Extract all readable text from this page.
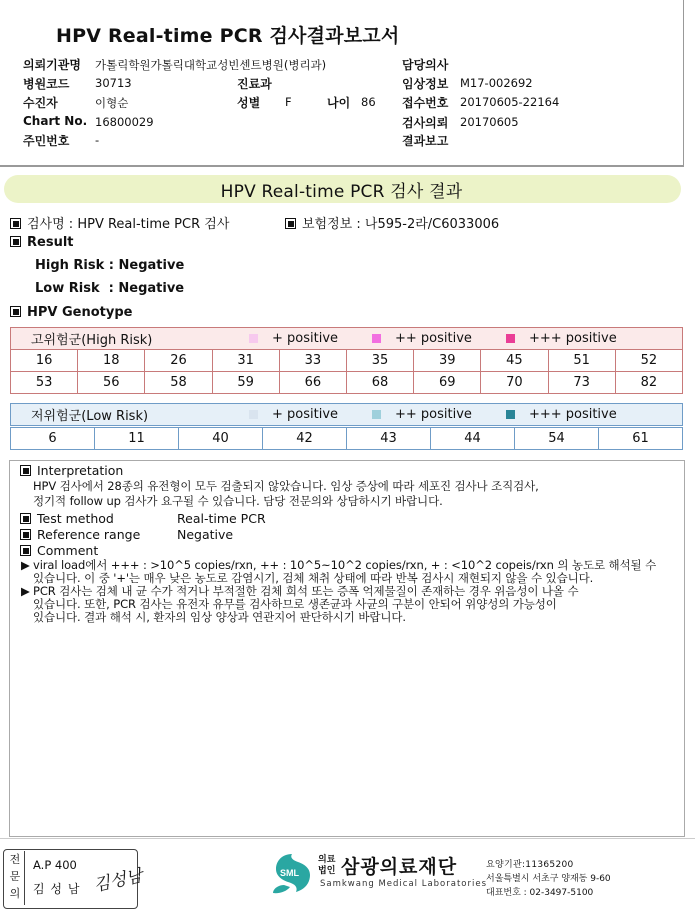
HPV Real-time PCR 검사결과보고서
의뢰기관명 가톨릭학원가톨릭대학교성빈센트병원(병리과)
병원코드 30713	진료과
수진자	이형순	성별 F	나이 86
Chart No. 16800029
주민번호 -
담당의사
임상정보 M17-002692
접수번호 20170605-22164
검사의뢰 20170605
결과보고
HPV Real-time PCR 검사 결과
검사명 : HPV Real-time PCR 검사	보험정보 : 나595-2라/C6033006
Result
High Risk : Negative
Low Risk  : Negative
HPV Genotype
고위험군(High Risk)	+ positive	++ positive	+++ positive
16	18	26	31	33	35	39	45	51	52
53	56	58	59	66	68	69	70	73	82
저위험군(Low Risk)	+ positive	++ positive	+++ positive
6	11	40	42	43	44	54	61
Interpretation
HPV 검사에서 28종의 유전형이 모두 검출되지 않았습니다. 임상 증상에 따라 세포진 검사나 조직검사,
정기적 follow up 검사가 요구될 수 있습니다. 담당 전문의와 상담하시기 바랍니다.
Test method	Real-time PCR
Reference range	Negative
Comment
▶ viral load에서 +++ : >10^5 copies/rxn, ++ : 10^5~10^2 copies/rxn, + : <10^2 copeis/rxn 의 농도로 해석될 수
있습니다. 이 중 '+'는 매우 낮은 농도로 감염시기, 검체 채취 상태에 따라 반복 검사시 재현되지 않을 수 있습니다.
▶ PCR 검사는 검체 내 균 수가 적거나 부적절한 검체 희석 또는 증폭 억제물질이 존재하는 경우 위음성이 나올 수
있습니다. 또한, PCR 검사는 유전자 유무를 검사하므로 생존균과 사균의 구분이 안되어 위양성의 가능성이
있습니다. 결과 해석 시, 환자의 임상 양상과 연관지어 판단하시기 바랍니다.
전문의
A.P 400
김 성 남 김성남	SML
의료법인 삼광의료재단
Samkwang Medical Laboratories
요양기관:11365200
서울특별시 서초구 양재동 9-60
대표번호 : 02-3497-5100
